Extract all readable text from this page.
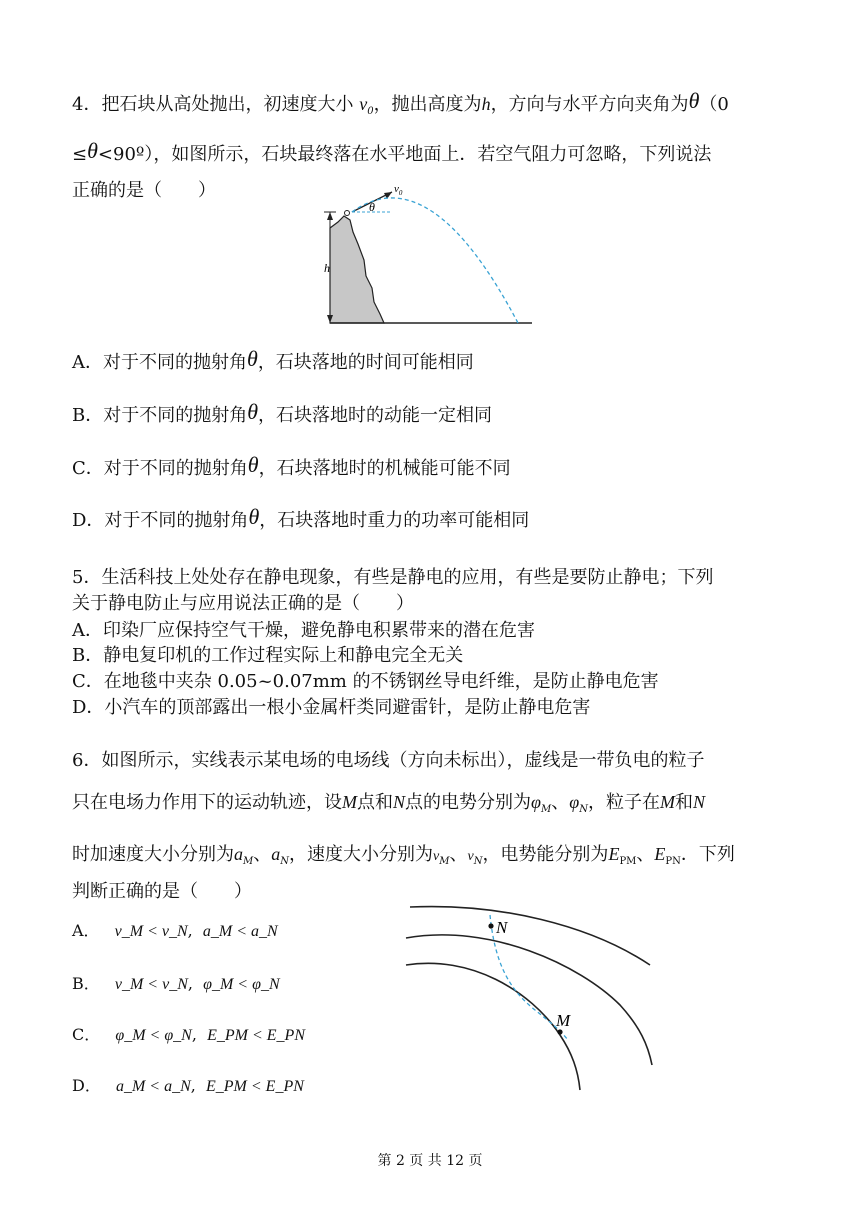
4．把石块从高处抛出，初速度大小 $v_0$，抛出高度为h，方向与水平方向夹角为θ（0
≤θ<90º），如图所示，石块最终落在水平地面上．若空气阻力可忽略，下列说法
正确的是（　　）
h
$v_0$
θ
A．对于不同的抛射角θ，石块落地的时间可能相同
B．对于不同的抛射角θ，石块落地时的动能一定相同
C．对于不同的抛射角θ，石块落地时的机械能可能不同
D．对于不同的抛射角θ，石块落地时重力的功率可能相同
5．生活科技上处处存在静电现象，有些是静电的应用，有些是要防止静电；下列
关于静电防止与应用说法正确的是（　　）
A．印染厂应保持空气干燥，避免静电积累带来的潜在危害
B．静电复印机的工作过程实际上和静电完全无关
C．在地毯中夹杂 0.05~0.07mm 的不锈钢丝导电纤维，是防止静电危害
D．小汽车的顶部露出一根小金属杆类同避雷针，是防止静电危害
6．如图所示，实线表示某电场的电场线（方向未标出），虚线是一带负电的粒子
只在电场力作用下的运动轨迹，设M点和N点的电势分别为$\varphi_M$、$\varphi_N$，粒子在M和N
时加速度大小分别为$a_M$、$a_N$，速度大小分别为$v_M$、$v_N$，电势能分别为$E_{PM}$、$E_{PN}$．下列
判断正确的是（　　）
A． v_M < v_N,  a_M < a_N
B． v_M < v_N,  φ_M < φ_N
C． φ_M < φ_N,  E_PM < E_PN
D． a_M < a_N,  E_PM < E_PN
N
M
第 2 页 共 12 页
